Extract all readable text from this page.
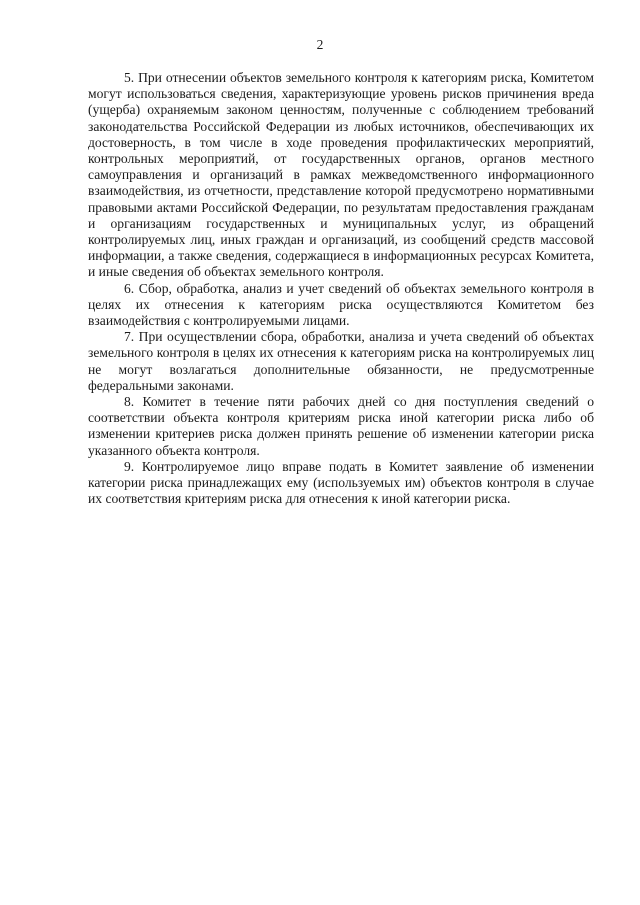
2

5. При отнесении объектов земельного контроля к категориям риска, Комитетом могут использоваться сведения, характеризующие уровень рисков причинения вреда (ущерба) охраняемым законом ценностям, полученные с соблюдением требований законодательства Российской Федерации из любых источников, обеспечивающих их достоверность, в том числе в ходе проведения профилактических мероприятий, контрольных мероприятий, от государственных органов, органов местного самоуправления и организаций в рамках межведомственного информационного взаимодействия, из отчетности, представление которой предусмотрено нормативными правовыми актами Российской Федерации, по результатам предоставления гражданам и организациям государственных и муниципальных услуг, из обращений контролируемых лиц, иных граждан и организаций, из сообщений средств массовой информации, а также сведения, содержащиеся в информационных ресурсах Комитета, и иные сведения об объектах земельного контроля.

6. Сбор, обработка, анализ и учет сведений об объектах земельного контроля в целях их отнесения к категориям риска осуществляются Комитетом без взаимодействия с контролируемыми лицами.

7. При осуществлении сбора, обработки, анализа и учета сведений об объектах земельного контроля в целях их отнесения к категориям риска на контролируемых лиц не могут возлагаться дополнительные обязанности, не предусмотренные федеральными законами.

8. Комитет в течение пяти рабочих дней со дня поступления сведений о соответствии объекта контроля критериям риска иной категории риска либо об изменении критериев риска должен принять решение об изменении категории риска указанного объекта контроля.

9. Контролируемое лицо вправе подать в Комитет заявление об изменении категории риска принадлежащих ему (используемых им) объектов контроля в случае их соответствия критериям риска для отнесения к иной категории риска.
